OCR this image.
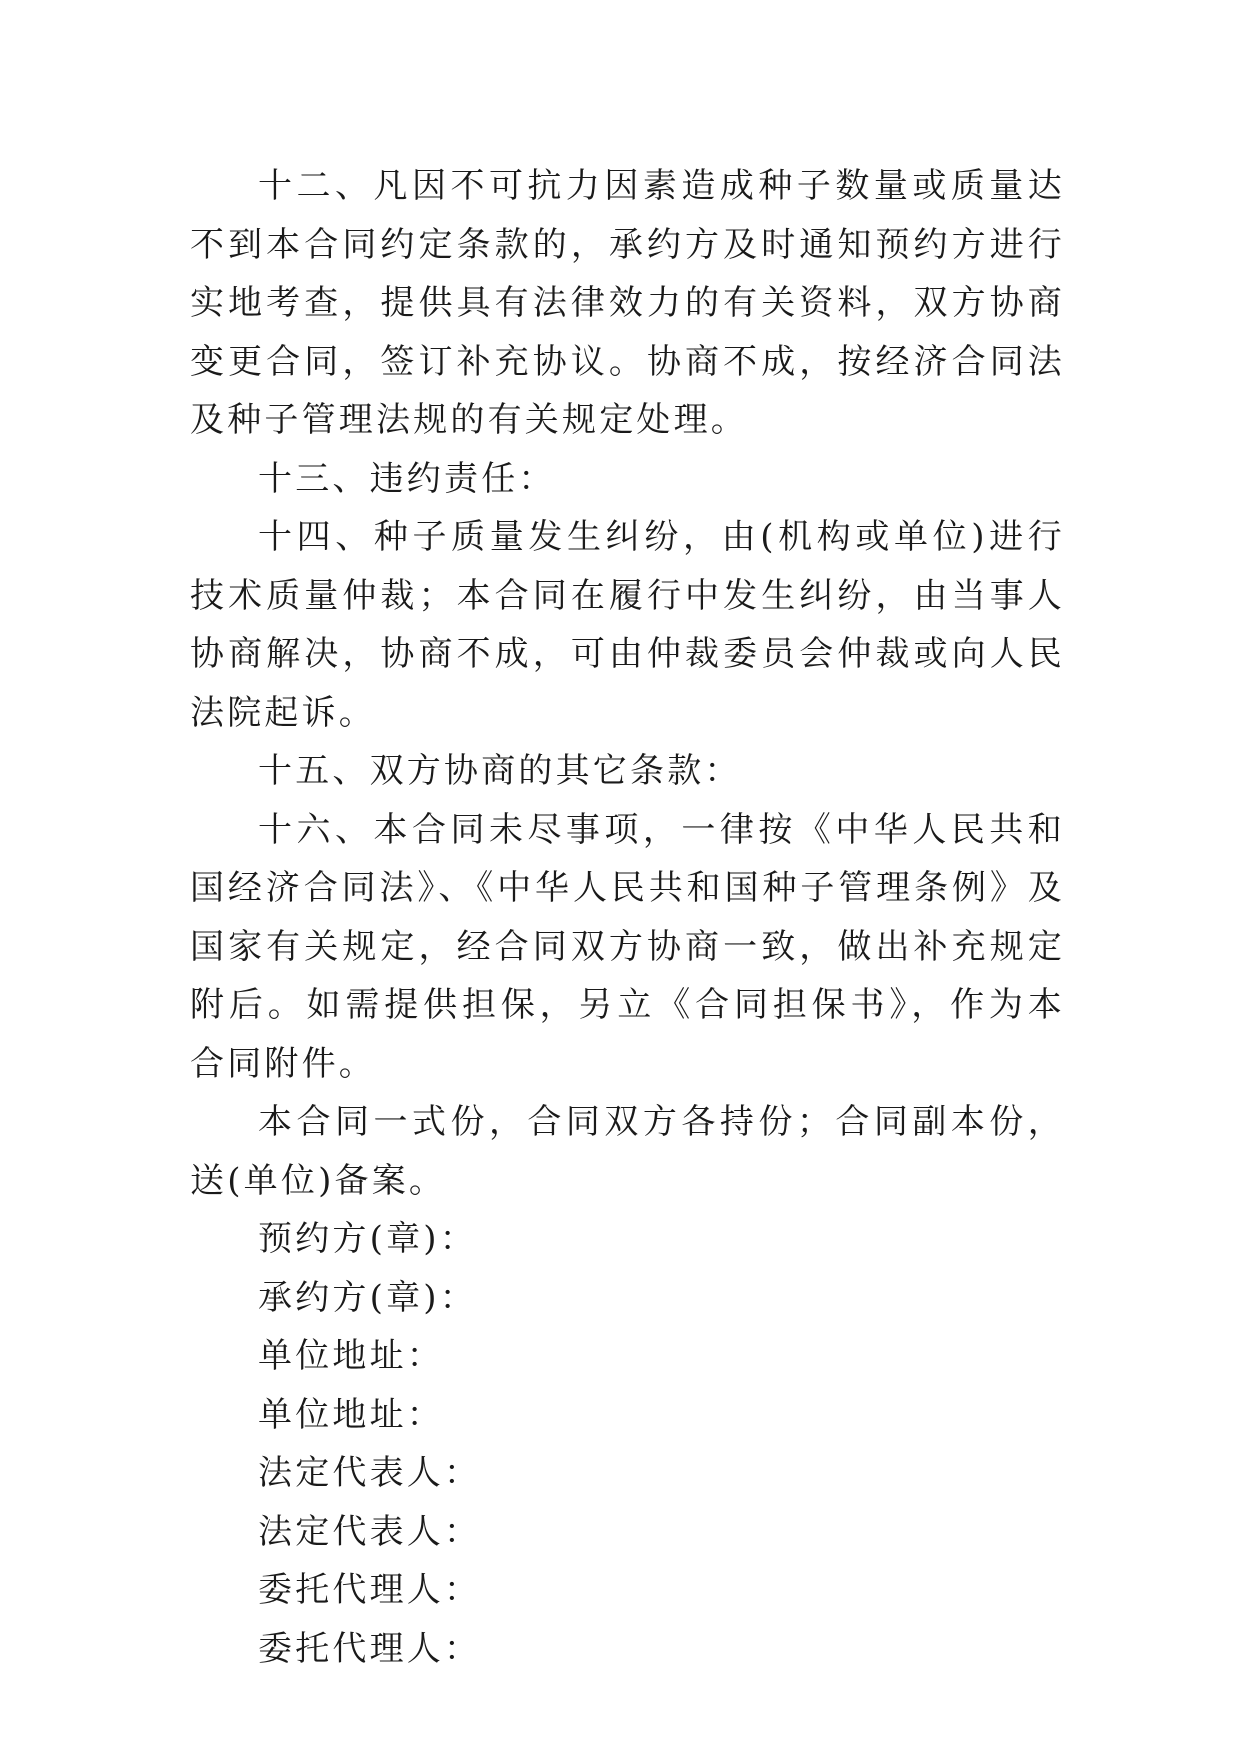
十二、凡因不可抗力因素造成种子数量或质量达不到本合同约定条款的，承约方及时通知预约方进行实地考查，提供具有法律效力的有关资料，双方协商变更合同，签订补充协议。协商不成，按经济合同法及种子管理法规的有关规定处理。

十三、违约责任：

十四、种子质量发生纠纷，由(机构或单位)进行技术质量仲裁；本合同在履行中发生纠纷，由当事人协商解决，协商不成，可由仲裁委员会仲裁或向人民法院起诉。

十五、双方协商的其它条款：

十六、本合同未尽事项，一律按《中华人民共和国经济合同法》、《中华人民共和国种子管理条例》及国家有关规定，经合同双方协商一致，做出补充规定附后。如需提供担保，另立《合同担保书》，作为本合同附件。

本合同一式份，合同双方各持份；合同副本份，送(单位)备案。

预约方(章)：

承约方(章)：

单位地址：

单位地址：

法定代表人：

法定代表人：

委托代理人：

委托代理人：
